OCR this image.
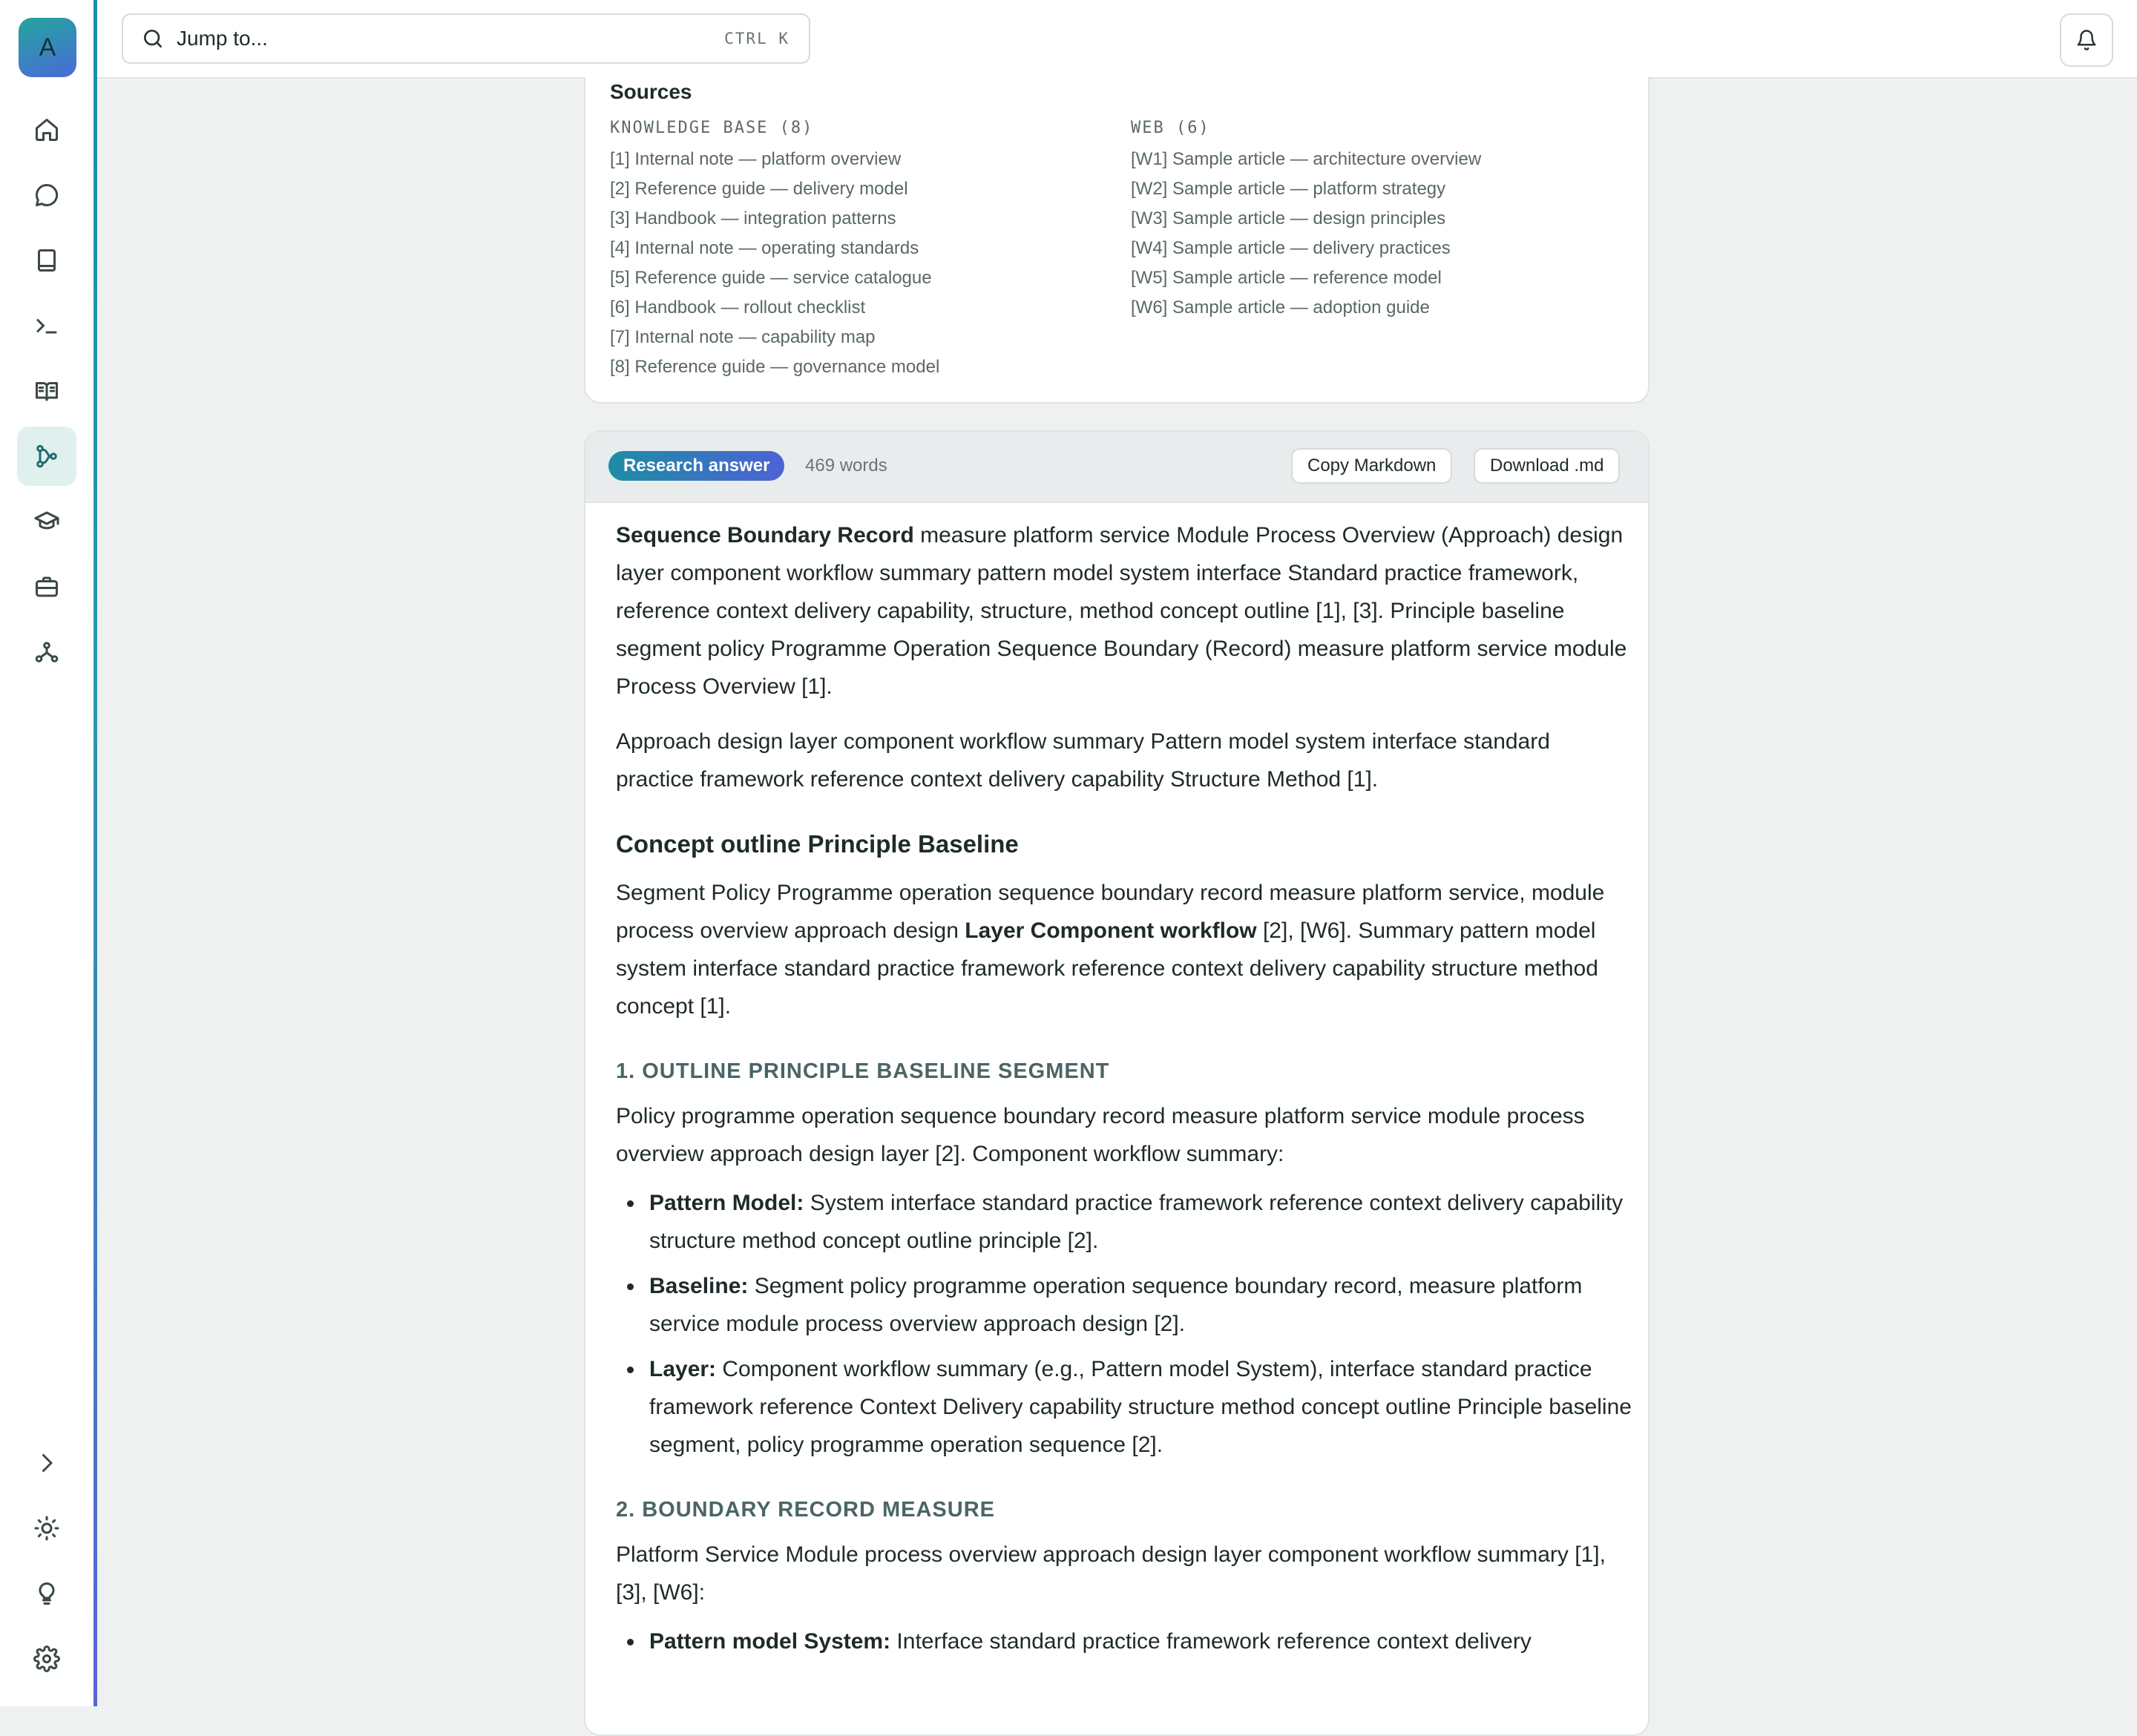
A	Jump to...	CTRL K
Sources
KNOWLEDGE BASE (8)
[1] Internal note — platform overview
[2] Reference guide — delivery model
[3] Handbook — integration patterns
[4] Internal note — operating standards
[5] Reference guide — service catalogue
[6] Handbook — rollout checklist
[7] Internal note — capability map
[8] Reference guide — governance model
WEB (6)
[W1] Sample article — architecture overview
[W2] Sample article — platform strategy
[W3] Sample article — design principles
[W4] Sample article — delivery practices
[W5] Sample article — reference model
[W6] Sample article — adoption guide
Research answer	469 words	Copy Markdown	Download .md

Sequence Boundary Record measure platform service Module Process Overview (Approach) design layer component workflow summary pattern model system interface Standard practice framework, reference context delivery capability, structure, method concept outline [1], [3]. Principle baseline segment policy Programme Operation Sequence Boundary (Record) measure platform service module Process Overview [1].

Approach design layer component workflow summary Pattern model system interface standard practice framework reference context delivery capability Structure Method [1].

Concept outline Principle Baseline

Segment Policy Programme operation sequence boundary record measure platform service, module process overview approach design Layer Component workflow [2], [W6]. Summary pattern model system interface standard practice framework reference context delivery capability structure method concept [1].

1. OUTLINE PRINCIPLE BASELINE SEGMENT

Policy programme operation sequence boundary record measure platform service module process overview approach design layer [2]. Component workflow summary:

Pattern Model: System interface standard practice framework reference context delivery capability structure method concept outline principle [2].
Baseline: Segment policy programme operation sequence boundary record, measure platform service module process overview approach design [2].
Layer: Component workflow summary (e.g., Pattern model System), interface standard practice framework reference Context Delivery capability structure method concept outline Principle baseline segment, policy programme operation sequence [2].
2. BOUNDARY RECORD MEASURE

Platform Service Module process overview approach design layer component workflow summary [1], [3], [W6]:

Pattern model System: Interface standard practice framework reference context delivery
